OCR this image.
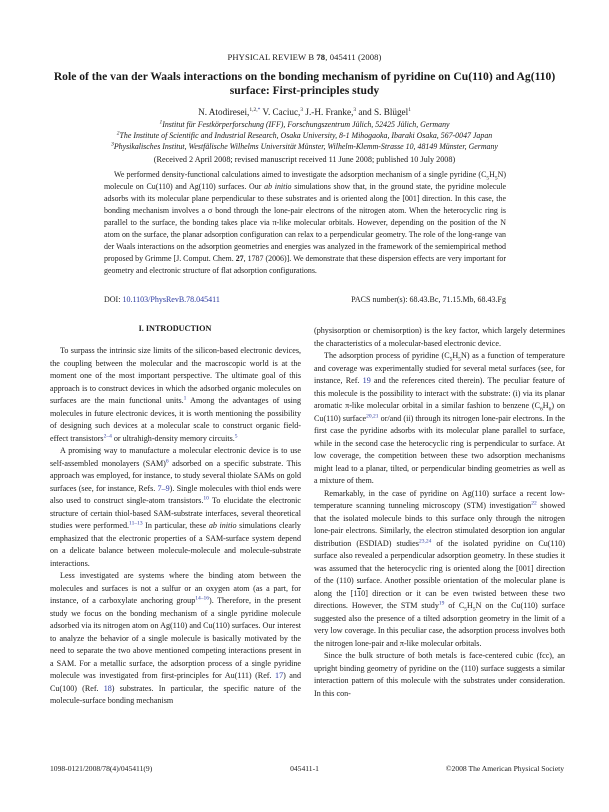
PHYSICAL REVIEW B 78, 045411 (2008)
Role of the van der Waals interactions on the bonding mechanism of pyridine on Cu(110) and Ag(110) surface: First-principles study
N. Atodiresei,$^{1,2,*}$ V. Caciuc,$^3$ J.-H. Franke,$^3$ and S. Blügel$^1$
$^1$Institut für Festkörperforschung (IFF), Forschungszentrum Jülich, 52425 Jülich, Germany
$^2$The Institute of Scientific and Industrial Research, Osaka University, 8-1 Mihogaoka, Ibaraki Osaka, 567-0047 Japan
$^3$Physikalisches Institut, Westfälische Wilhelms Universität Münster, Wilhelm-Klemm-Strasse 10, 48149 Münster, Germany
(Received 2 April 2008; revised manuscript received 11 June 2008; published 10 July 2008)
We performed density-functional calculations aimed to investigate the adsorption mechanism of a single pyridine $(C_5H_5N)$ molecule on Cu(110) and Ag(110) surfaces. Our ab initio simulations show that, in the ground state, the pyridine molecule adsorbs with its molecular plane perpendicular to these substrates and is oriented along the [001] direction. In this case, the bonding mechanism involves a σ bond through the lone-pair electrons of the nitrogen atom. When the heterocyclic ring is parallel to the surface, the bonding takes place via π-like molecular orbitals. However, depending on the position of the N atom on the surface, the planar adsorption configuration can relax to a perpendicular geometry. The role of the long-range van der Waals interactions on the adsorption geometries and energies was analyzed in the framework of the semiempirical method proposed by Grimme [J. Comput. Chem. 27, 1787 (2006)]. We demonstrate that these dispersion effects are very important for geometry and electronic structure of flat adsorption configurations.
DOI: 10.1103/PhysRevB.78.045411	PACS number(s): 68.43.Bc, 71.15.Mb, 68.43.Fg
I. INTRODUCTION

To surpass the intrinsic size limits of the silicon-based electronic devices, the coupling between the molecular and the macroscopic world is at the moment one of the most important perspective. The ultimate goal of this approach is to construct devices in which the adsorbed organic molecules on surfaces are the main functional units.$^1$ Among the advantages of using molecules in future electronic devices, it is worth mentioning the possibility of designing such devices at a molecular scale to construct organic field-effect transistors$^{2-4}$ or ultrahigh-density memory circuits.$^5$

A promising way to manufacture a molecular electronic device is to use self-assembled monolayers (SAM)$^6$ adsorbed on a specific substrate. This approach was employed, for instance, to study several thiolate SAMs on gold surfaces (see, for instance, Refs. 7–9). Single molecules with thiol ends were also used to construct single-atom transistors.$^{10}$ To elucidate the electronic structure of certain thiol-based SAM-substrate interfaces, several theoretical studies were performed.$^{11-13}$ In particular, these ab initio simulations clearly emphasized that the electronic properties of a SAM-surface system depend on a delicate balance between molecule-molecule and molecule-substrate interactions.

Less investigated are systems where the binding atom between the molecules and surfaces is not a sulfur or an oxygen atom (as a part, for instance, of a carboxylate anchoring group$^{14-16}$). Therefore, in the present study we focus on the bonding mechanism of a single pyridine molecule adsorbed via its nitrogen atom on Ag(110) and Cu(110) surfaces. Our interest to analyze the behavior of a single molecule is basically motivated by the need to separate the two above mentioned competing interactions present in a SAM. For a metallic surface, the adsorption process of a single pyridine molecule was investigated from first-principles for Au(111) (Ref. 17) and Cu(100) (Ref. 18) substrates. In particular, the specific nature of the molecule-surface bonding mechanism

(physisorption or chemisorption) is the key factor, which largely determines the characteristics of a molecular-based electronic device.

The adsorption process of pyridine $(C_5H_5N)$ as a function of temperature and coverage was experimentally studied for several metal surfaces (see, for instance, Ref. 19 and the references cited therein). The peculiar feature of this molecule is the possibility to interact with the substrate: (i) via its planar aromatic π-like molecular orbital in a similar fashion to benzene $(C_6H_6)$ on Cu(110) surface$^{20,21}$ or/and (ii) through its nitrogen lone-pair electrons. In the first case the pyridine adsorbs with its molecular plane parallel to surface, while in the second case the heterocyclic ring is perpendicular to surface. At low coverage, the competition between these two adsorption mechanisms might lead to a planar, tilted, or perpendicular binding geometries as well as a mixture of them.

Remarkably, in the case of pyridine on Ag(110) surface a recent low-temperature scanning tunneling microscopy (STM) investigation$^{22}$ showed that the isolated molecule binds to this surface only through the nitrogen lone-pair electrons. Similarly, the electron stimulated desorption ion angular distribution (ESDIAD) studies$^{23,24}$ of the isolated pyridine on Cu(110) surface also revealed a perpendicular adsorption geometry. In these studies it was assumed that the heterocyclic ring is oriented along the [001] direction of the (110) surface. Another possible orientation of the molecular plane is along the [110] direction or it can be even twisted between these two directions. However, the STM study$^{19}$ of $C_5H_5N$ on the Cu(110) surface suggested also the presence of a tilted adsorption geometry in the limit of a very low coverage. In this peculiar case, the adsorption process involves both the nitrogen lone-pair and π-like molecular orbitals.

Since the bulk structure of both metals is face-centered cubic (fcc), an upright binding geometry of pyridine on the (110) surface suggests a similar interaction pattern of this molecule with the substrates under consideration. In this con-

1098-0121/2008/78(4)/045411(9)	045411-1	©2008 The American Physical Society
